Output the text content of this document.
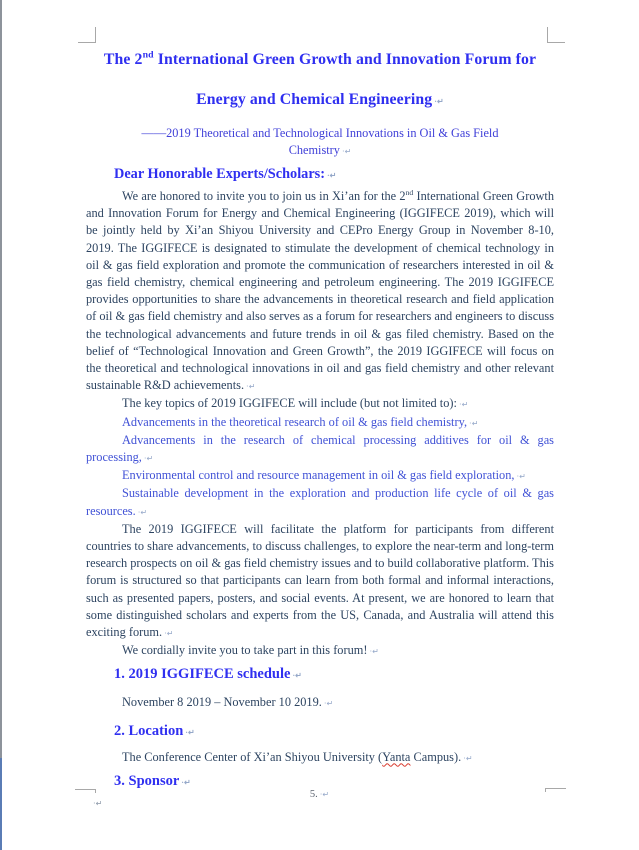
The 2nd International Green Growth and Innovation Forum for Energy and Chemical Engineering ·↵

——2019 Theoretical and Technological Innovations in Oil & Gas Field Chemistry ·↵

Dear Honorable Experts/Scholars: ·↵

We are honored to invite you to join us in Xi’an for the 2nd International Green Growth and Innovation Forum for Energy and Chemical Engineering (IGGIFECE 2019), which will be jointly held by Xi’an Shiyou University and CEPro Energy Group in November 8-10, 2019. The IGGIFECE is designated to stimulate the development of chemical technology in oil & gas field exploration and promote the communication of researchers interested in oil & gas field chemistry, chemical engineering and petroleum engineering. The 2019 IGGIFECE provides opportunities to share the advancements in theoretical research and field application of oil & gas field chemistry and also serves as a forum for researchers and engineers to discuss the technological advancements and future trends in oil & gas filed chemistry. Based on the belief of “Technological Innovation and Green Growth”, the 2019 IGGIFECE will focus on the theoretical and technological innovations in oil and gas field chemistry and other relevant sustainable R&D achievements. ·↵

The key topics of 2019 IGGIFECE will include (but not limited to): ·↵

Advancements in the theoretical research of oil & gas field chemistry, ·↵

Advancements in the research of chemical processing additives for oil & gas processing, ·↵

Environmental control and resource management in oil & gas field exploration, ·↵

Sustainable development in the exploration and production life cycle of oil & gas resources. ·↵

The 2019 IGGIFECE will facilitate the platform for participants from different countries to share advancements, to discuss challenges, to explore the near-term and long-term research prospects on oil & gas field chemistry issues and to build collaborative platform. This forum is structured so that participants can learn from both formal and informal interactions, such as presented papers, posters, and social events. At present, we are honored to learn that some distinguished scholars and experts from the US, Canada, and Australia will attend this exciting forum. ·↵

We cordially invite you to take part in this forum! ·↵

1. 2019 IGGIFECE schedule ·↵

November 8 2019 – November 10 2019. ·↵

2. Location ·↵

The Conference Center of Xi’an Shiyou University (Yanta Campus). ·↵

3. Sponsor ·↵
5. ·↵
·↵
